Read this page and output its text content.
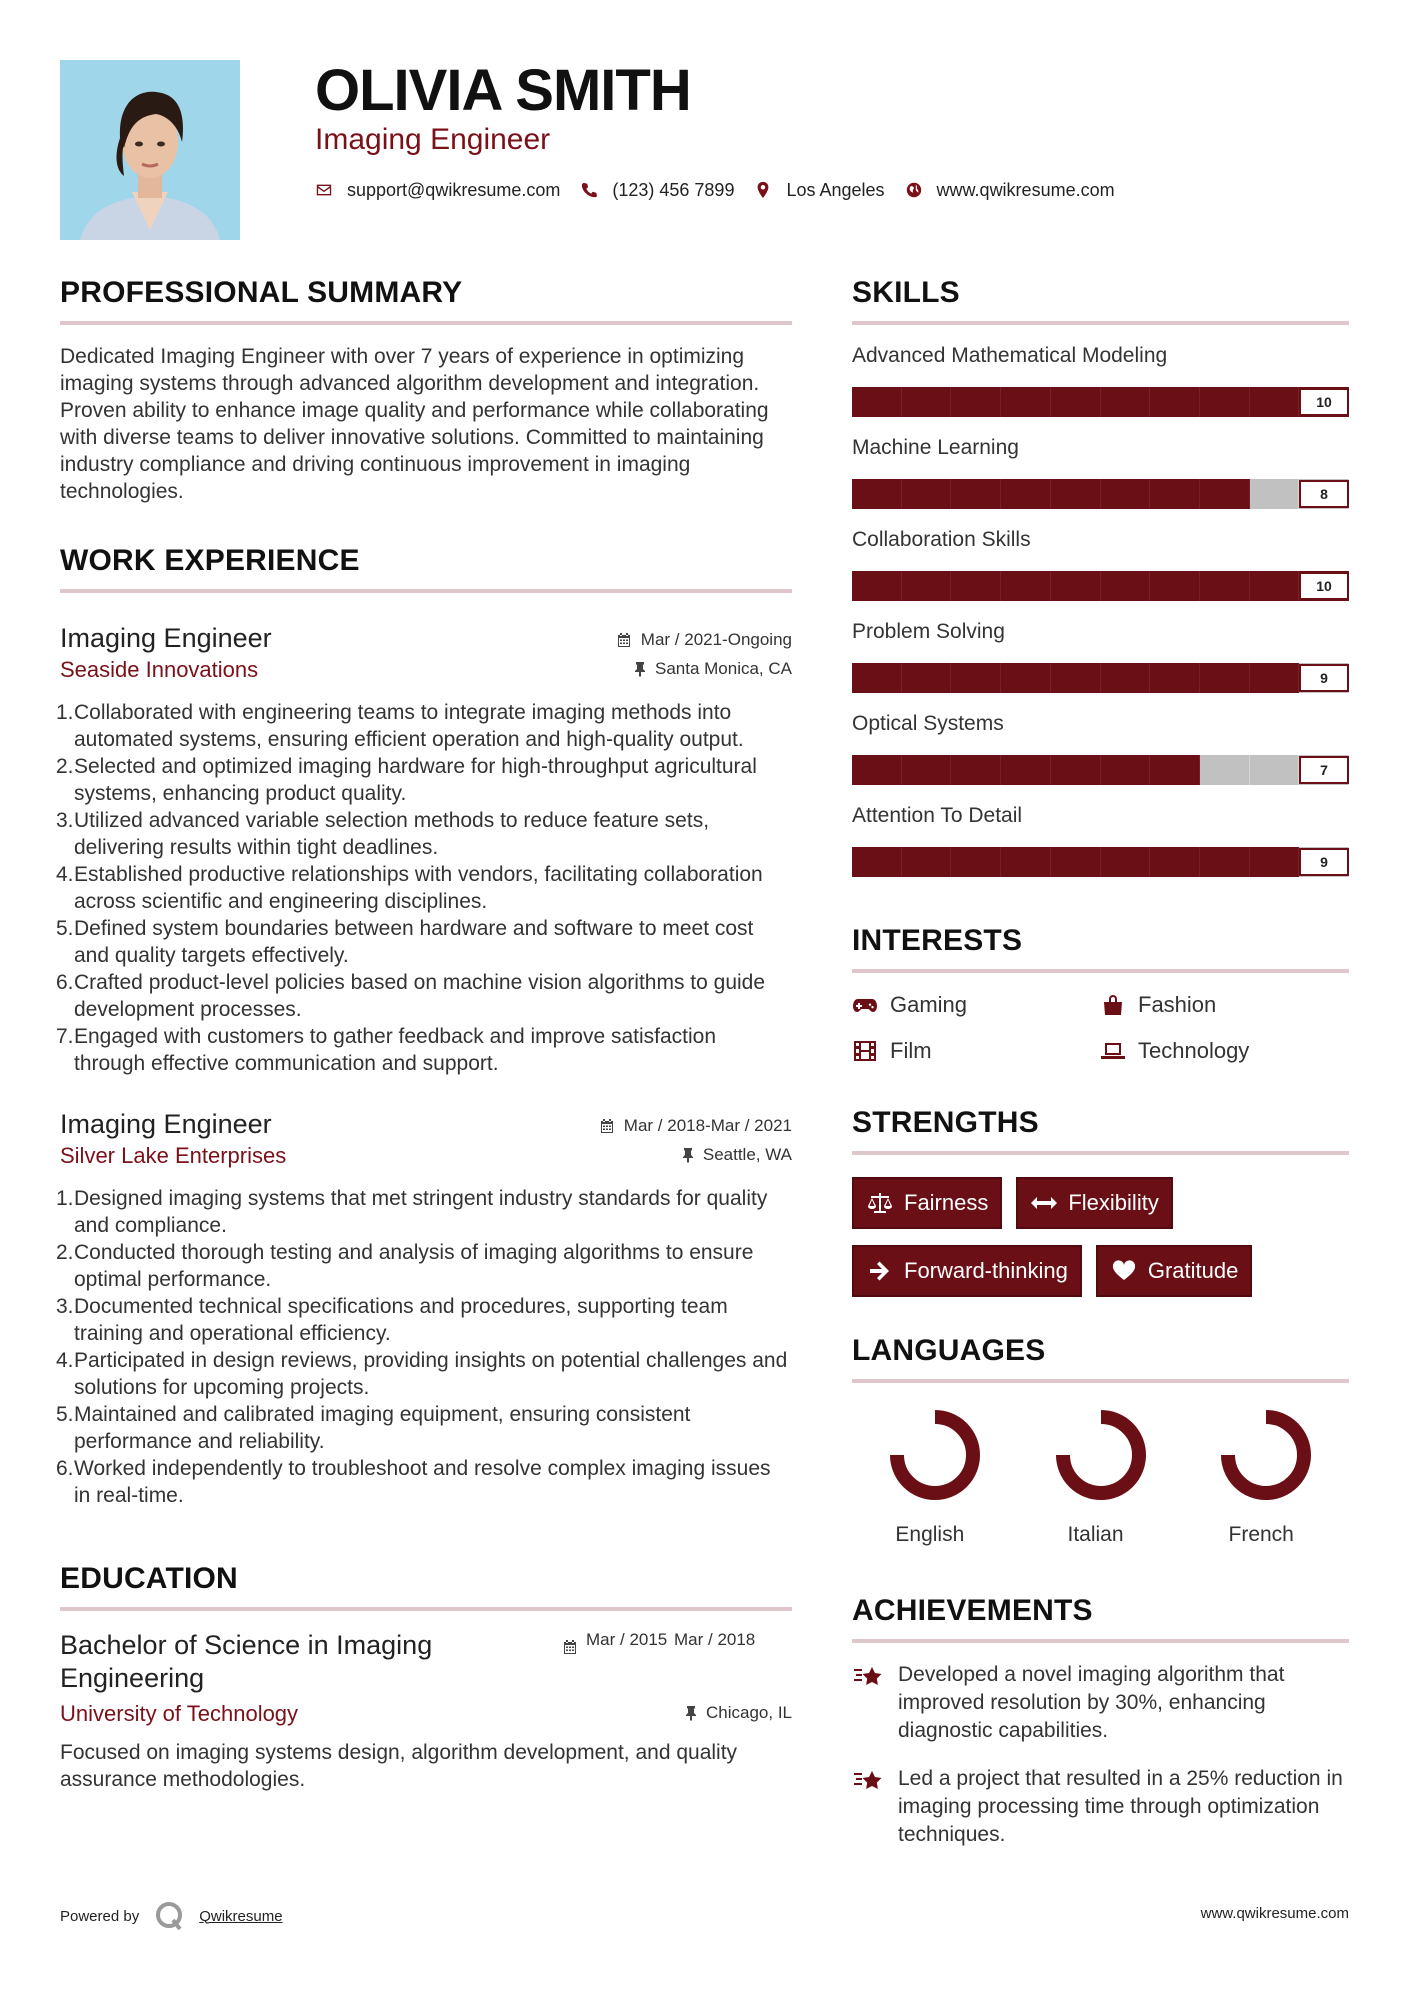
OLIVIA SMITH
Imaging Engineer
support@qwikresume.com	(123) 456 7899	Los Angeles	www.qwikresume.com
PROFESSIONAL SUMMARY

Dedicated Imaging Engineer with over 7 years of experience in optimizing imaging systems through advanced algorithm development and integration. Proven ability to enhance image quality and performance while collaborating with diverse teams to deliver innovative solutions. Committed to maintaining industry compliance and driving continuous improvement in imaging technologies.

WORK EXPERIENCE
Imaging Engineer	Mar / 2021-Ongoing
Seaside Innovations	Santa Monica, CA
1. Collaborated with engineering teams to integrate imaging methods into automated systems, ensuring efficient operation and high-quality output.
2. Selected and optimized imaging hardware for high-throughput agricultural systems, enhancing product quality.
3. Utilized advanced variable selection methods to reduce feature sets, delivering results within tight deadlines.
4. Established productive relationships with vendors, facilitating collaboration across scientific and engineering disciplines.
5. Defined system boundaries between hardware and software to meet cost and quality targets effectively.
6. Crafted product-level policies based on machine vision algorithms to guide development processes.
7. Engaged with customers to gather feedback and improve satisfaction through effective communication and support.
Imaging Engineer	Mar / 2018-Mar / 2021
Silver Lake Enterprises	Seattle, WA
1. Designed imaging systems that met stringent industry standards for quality and compliance.
2. Conducted thorough testing and analysis of imaging algorithms to ensure optimal performance.
3. Documented technical specifications and procedures, supporting team training and operational efficiency.
4. Participated in design reviews, providing insights on potential challenges and solutions for upcoming projects.
5. Maintained and calibrated imaging equipment, ensuring consistent performance and reliability.
6. Worked independently to troubleshoot and resolve complex imaging issues in real-time.
EDUCATION
Bachelor of Science in Imaging Engineering
Mar / 2015 Mar / 2018
University of Technology	Chicago, IL

Focused on imaging systems design, algorithm development, and quality assurance methodologies.

SKILLS
Advanced Mathematical Modeling
10
Machine Learning
8
Collaboration Skills
10
Problem Solving
9
Optical Systems
7
Attention To Detail
9
INTERESTS
Gaming	Fashion
Film	Technology
STRENGTHS
Fairness	Flexibility
Forward-thinking	Gratitude
LANGUAGES
English	Italian	French
ACHIEVEMENTS
Developed a novel imaging algorithm that improved resolution by 30%, enhancing diagnostic capabilities.
Led a project that resulted in a 25% reduction in imaging processing time through optimization techniques.
Powered by	Qwikresume	www.qwikresume.com
